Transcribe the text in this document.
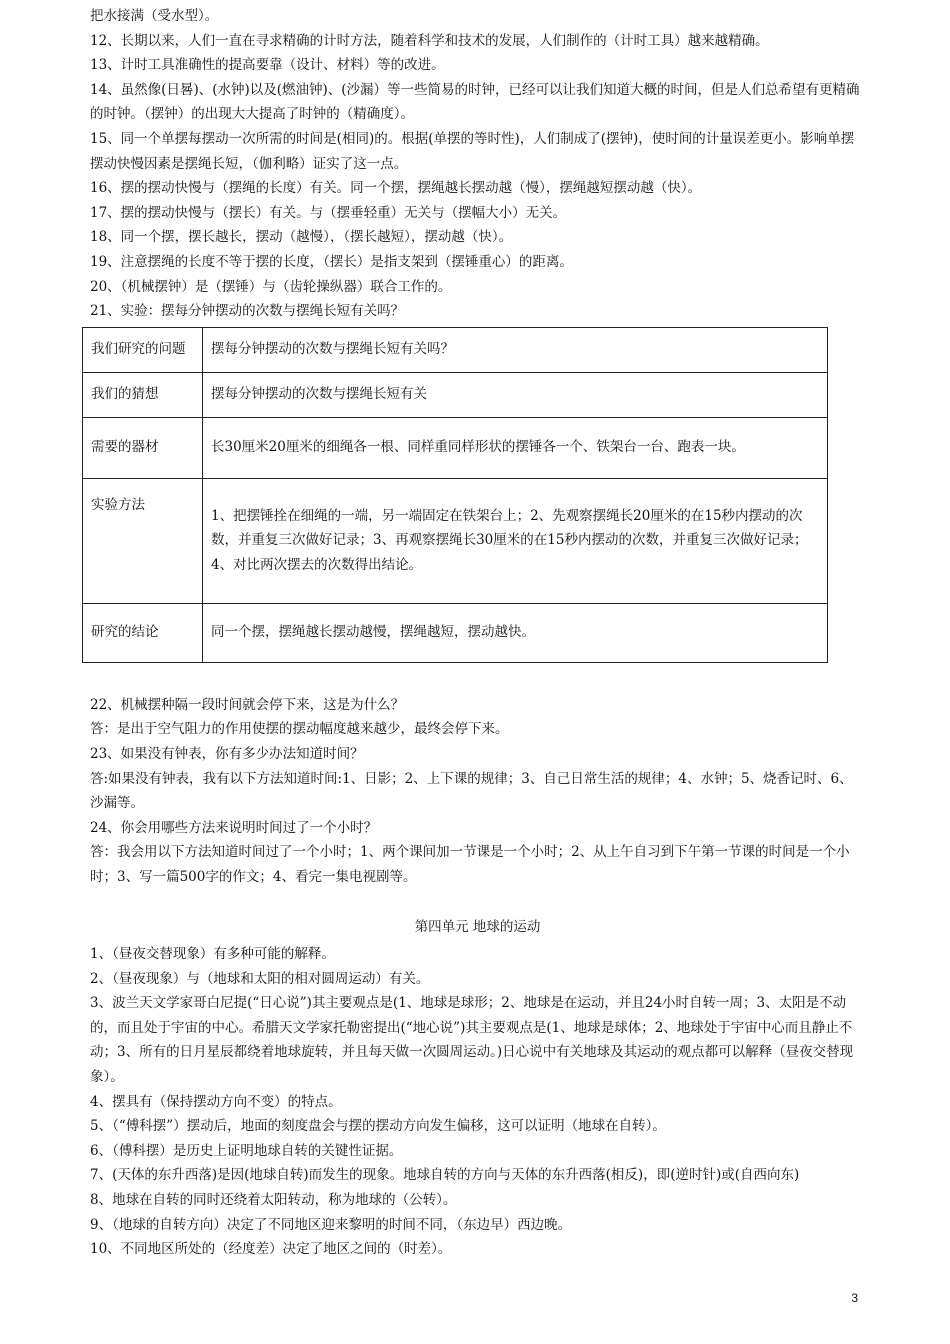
把水接满（受水型）。

12、长期以来，人们一直在寻求精确的计时方法，随着科学和技术的发展，人们制作的（计时工具）越来越精确。

13、计时工具准确性的提高要靠（设计、材料）等的改进。

14、虽然像(日晷)、(水钟)以及(燃油钟)、(沙漏）等一些简易的时钟，已经可以让我们知道大概的时间，但是人们总希望有更精确的时钟。（摆钟）的出现大大提高了时钟的（精确度）。

15、同一个单摆每摆动一次所需的时间是(相同)的。根据(单摆的等时性)，人们制成了(摆钟)，使时间的计量误差更小。影响单摆摆动快慢因素是摆绳长短，（伽利略）证实了这一点。

16、摆的摆动快慢与（摆绳的长度）有关。同一个摆，摆绳越长摆动越（慢），摆绳越短摆动越（快）。

17、摆的摆动快慢与（摆长）有关。与（摆垂轻重）无关与（摆幅大小）无关。

18、同一个摆，摆长越长，摆动（越慢），（摆长越短），摆动越（快）。

19、注意摆绳的长度不等于摆的长度，（摆长）是指支架到（摆锤重心）的距离。

20、（机械摆钟）是（摆锤）与（齿轮操纵器）联合工作的。

21、实验：摆每分钟摆动的次数与摆绳长短有关吗？

我们研究的问题	摆每分钟摆动的次数与摆绳长短有关吗？
我们的猜想	摆每分钟摆动的次数与摆绳长短有关
需要的器材	长30厘米20厘米的细绳各一根、同样重同样形状的摆锤各一个、铁架台一台、跑表一块。
实验方法	1、把摆锤拴在细绳的一端，另一端固定在铁架台上；2、先观察摆绳长20厘米的在15秒内摆动的次数，并重复三次做好记录；3、再观察摆绳长30厘米的在15秒内摆动的次数，并重复三次做好记录；4、对比两次摆去的次数得出结论。
研究的结论	同一个摆，摆绳越长摆动越慢，摆绳越短，摆动越快。

22、机械摆种隔一段时间就会停下来，这是为什么？

答：是出于空气阻力的作用使摆的摆动幅度越来越少，最终会停下来。

23、如果没有钟表，你有多少办法知道时间？

答:如果没有钟表，我有以下方法知道时间:1、日影；2、上下课的规律；3、自己日常生活的规律；4、水钟；5、烧香记时、6、沙漏等。

24、你会用哪些方法来说明时间过了一个小时？

答：我会用以下方法知道时间过了一个小时；1、两个课间加一节课是一个小时；2、从上午自习到下午第一节课的时间是一个小时；3、写一篇500字的作文；4、看完一集电视剧等。

第四单元 地球的运动

1、（昼夜交替现象）有多种可能的解释。

2、（昼夜现象）与（地球和太阳的相对圆周运动）有关。

3、波兰天文学家哥白尼提(“日心说”)其主要观点是(1、地球是球形；2、地球是在运动，并且24小时自转一周；3、太阳是不动的，而且处于宇宙的中心。希腊天文学家托勒密提出(“地心说”)其主要观点是(1、地球是球体；2、地球处于宇宙中心而且静止不动；3、所有的日月星辰都绕着地球旋转，并且每天做一次圆周运动。)日心说中有关地球及其运动的观点都可以解释（昼夜交替现象）。

4、摆具有（保持摆动方向不变）的特点。

5、（“傅科摆”）摆动后，地面的刻度盘会与摆的摆动方向发生偏移，这可以证明（地球在自转）。

6、（傅科摆）是历史上证明地球自转的关键性证据。

7、(天体的东升西落)是因(地球自转)而发生的现象。地球自转的方向与天体的东升西落(相反)，即(逆时针)或(自西向东)

8、地球在自转的同时还绕着太阳转动，称为地球的（公转）。

9、（地球的自转方向）决定了不同地区迎来黎明的时间不同，（东边早）西边晚。

10、不同地区所处的（经度差）决定了地区之间的（时差）。

3
